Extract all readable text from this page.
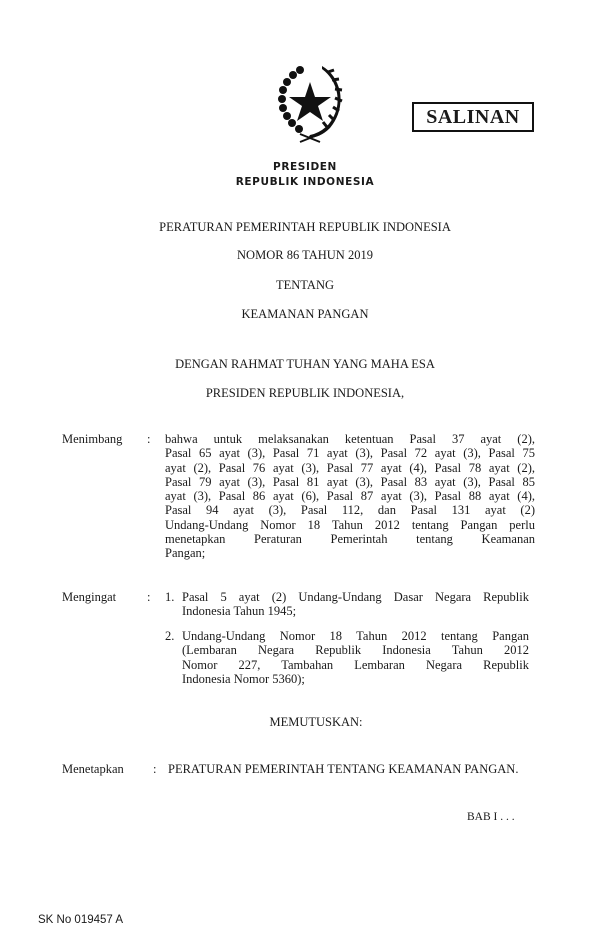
SALINAN
PRESIDEN
REPUBLIK INDONESIA
PERATURAN PEMERINTAH REPUBLIK INDONESIA
NOMOR 86 TAHUN 2019
TENTANG
KEAMANAN PANGAN
DENGAN RAHMAT TUHAN YANG MAHA ESA
PRESIDEN REPUBLIK INDONESIA,
Menimbang : bahwa untuk melaksanakan ketentuan Pasal 37 ayat (2),
Pasal 65 ayat (3), Pasal 71 ayat (3), Pasal 72 ayat (3), Pasal 75
ayat (2), Pasal 76 ayat (3), Pasal 77 ayat (4), Pasal 78 ayat (2),
Pasal 79 ayat (3), Pasal 81 ayat (3), Pasal 83 ayat (3), Pasal 85
ayat (3), Pasal 86 ayat (6), Pasal 87 ayat (3), Pasal 88 ayat (4),
Pasal 94 ayat (3), Pasal 112, dan Pasal 131 ayat (2)
Undang-Undang Nomor 18 Tahun 2012 tentang Pangan perlu
menetapkan Peraturan Pemerintah tentang Keamanan
Pangan;
Mengingat : 1. Pasal 5 ayat (2) Undang-Undang Dasar Negara Republik
Indonesia Tahun 1945;
2. Undang-Undang Nomor 18 Tahun 2012 tentang Pangan
(Lembaran Negara Republik Indonesia Tahun 2012
Nomor 227, Tambahan Lembaran Negara Republik
Indonesia Nomor 5360);
MEMUTUSKAN:
Menetapkan : PERATURAN PEMERINTAH TENTANG KEAMANAN PANGAN.
BAB I . . .
SK No 019457 A
